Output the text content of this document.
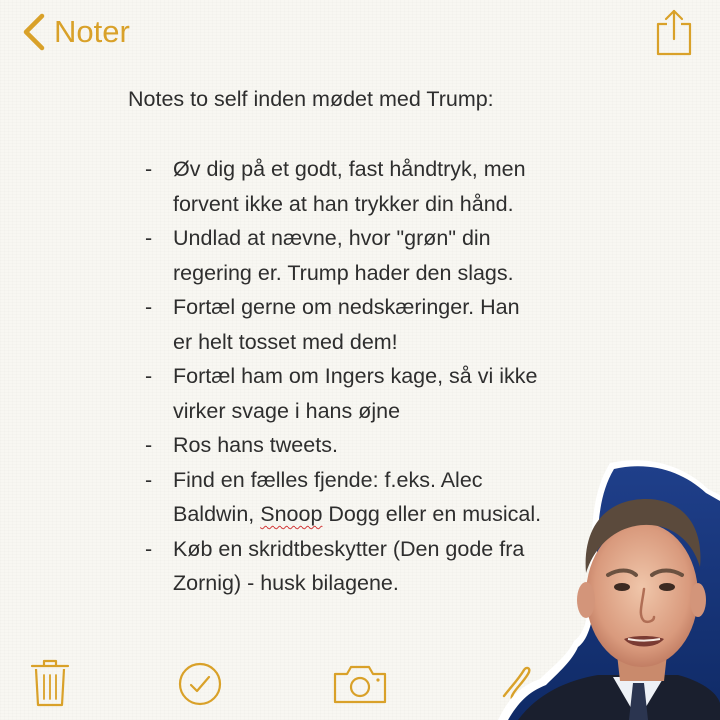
Noter
Notes to self inden mødet med Trump:
- Øv dig på et godt, fast håndtryk, men
forvent ikke at han trykker din hånd.
- Undlad at nævne, hvor "grøn" din
regering er. Trump hader den slags.
- Fortæl gerne om nedskæringer. Han
er helt tosset med dem!
- Fortæl ham om Ingers kage, så vi ikke
virker svage i hans øjne
- Ros hans tweets.
- Find en fælles fjende: f.eks. Alec
Baldwin, Snoop Dogg eller en musical.
- Køb en skridtbeskytter (Den gode fra
Zornig) - husk bilagene.
